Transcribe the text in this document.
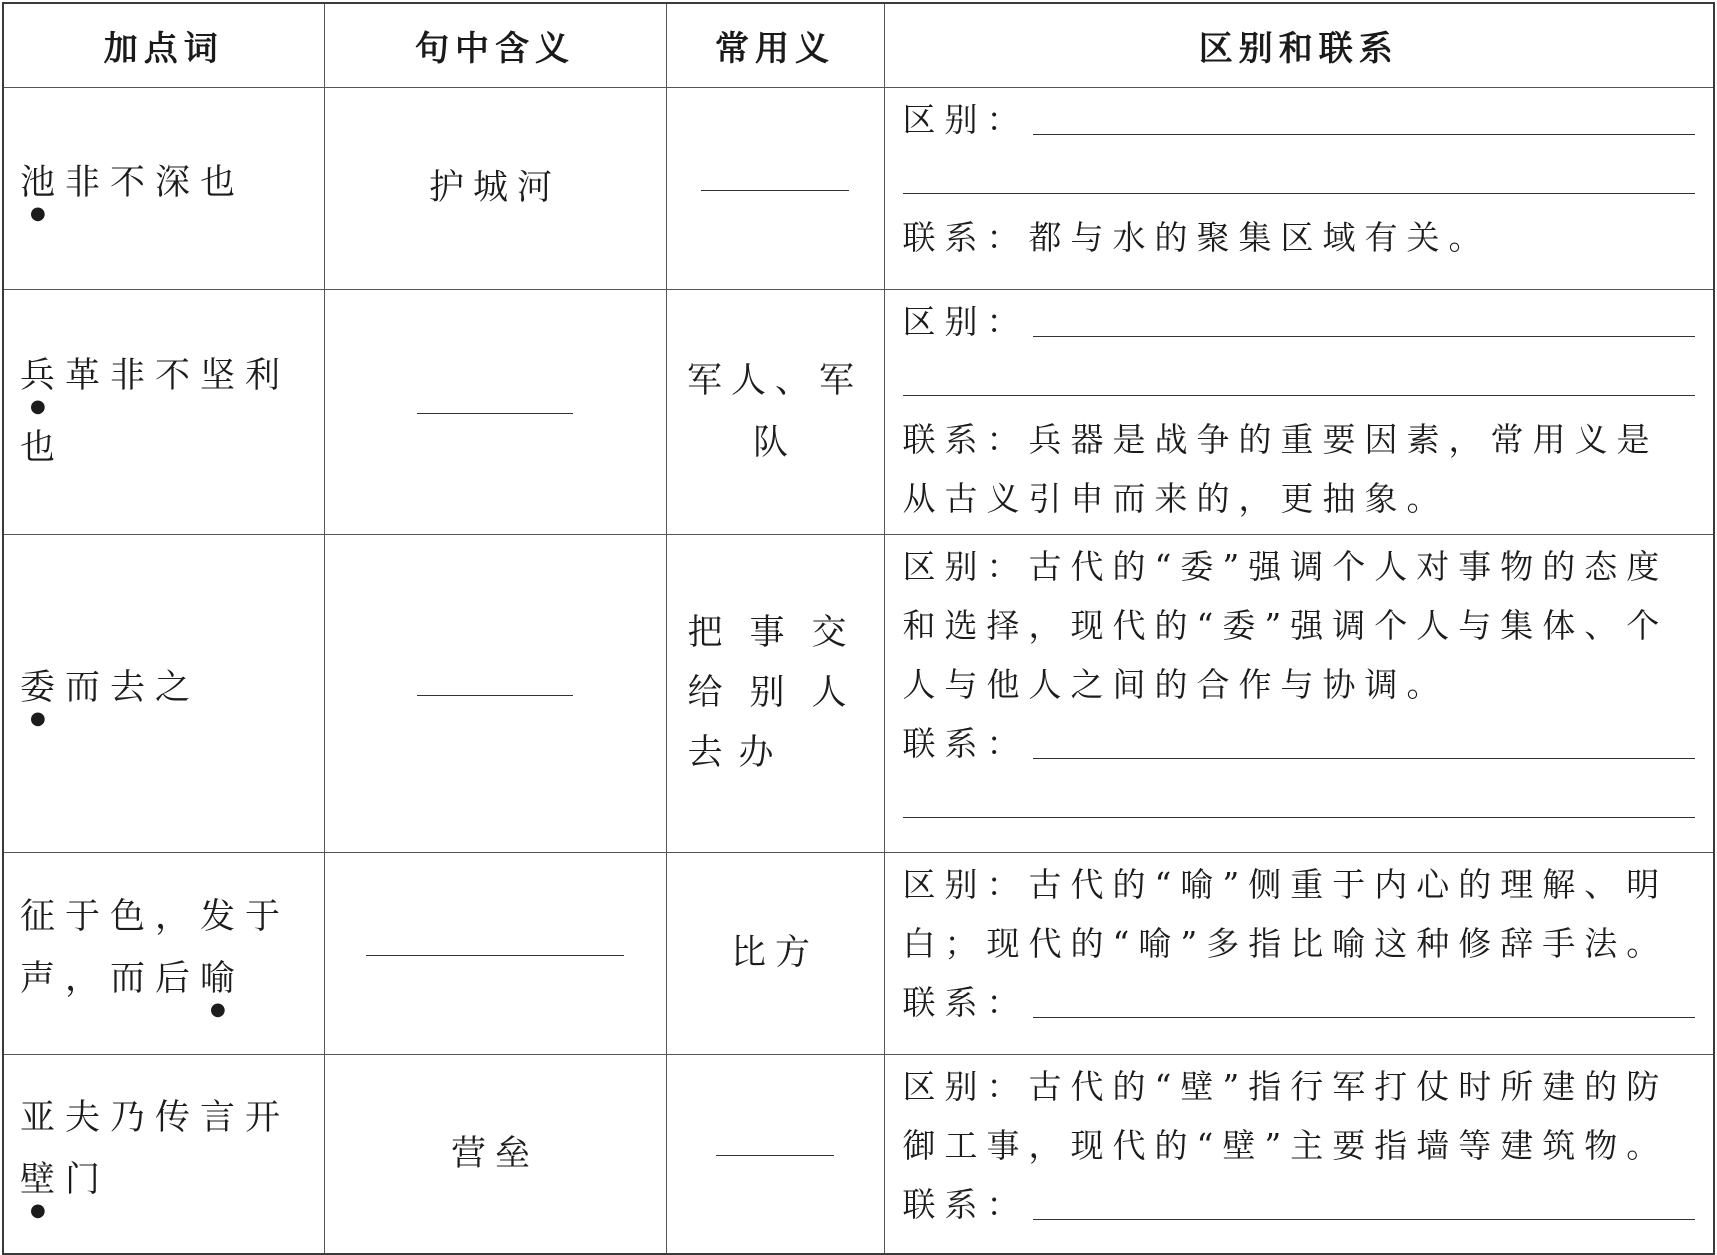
加点词	句中含义	常用义	区别和联系
池非不深也	护城河		区别：
联系：都与水的聚集区域有关。

兵革非不坚利也		军人、军队	区别：
联系：兵器是战争的重要因素，常用义是从古义引申而来的，更抽象。

委而去之		把事交给别人去办	区别：古代的“委”强调个人对事物的态度和选择，现代的“委”强调个人与集体、个人与他人之间的合作与协调。
联系：

征于色，发于声，而后喻		比方	区别：古代的“喻”侧重于内心的理解、明白；现代的“喻”多指比喻这种修辞手法。
联系：

亚夫乃传言开壁门	营垒		区别：古代的“壁”指行军打仗时所建的防御工事，现代的“壁”主要指墙等建筑物。
联系：
